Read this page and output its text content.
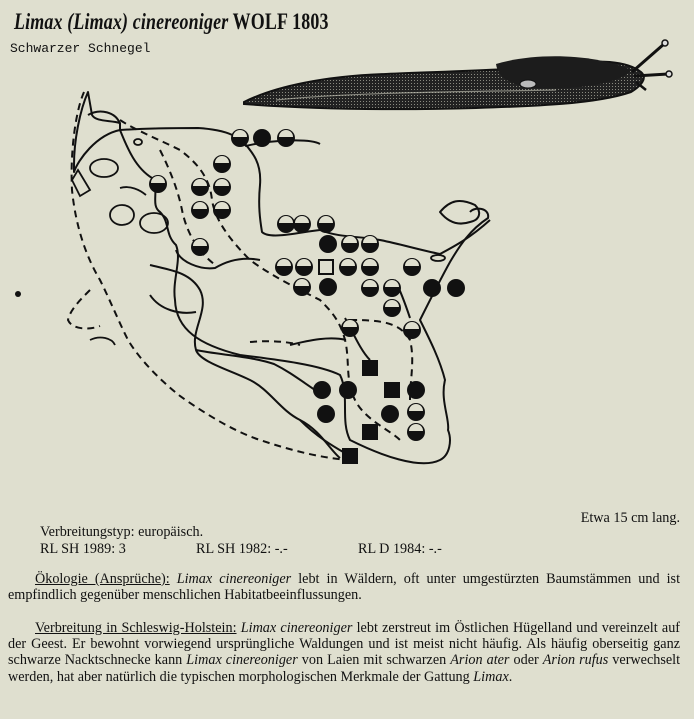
Limax (Limax) cinereoniger WOLF 1803
Schwarzer Schnegel
Etwa 15 cm lang.
Verbreitungstyp: europäisch.
RL SH 1989: 3	RL SH 1982: -.-	RL D 1984: -.-
Ökologie (Ansprüche): Limax cinereoniger lebt in Wäldern, oft unter umgestürzten Baumstämmen und ist empfindlich gegenüber menschlichen Habitatbeeinflussungen.
Verbreitung in Schleswig-Holstein: Limax cinereoniger lebt zerstreut im Östlichen Hügelland und vereinzelt auf der Geest. Er bewohnt vorwiegend ursprüngliche Waldungen und ist meist nicht häufig. Als häufig oberseitig ganz schwarze Nacktschnecke kann Limax cinereoniger von Laien mit schwarzen Arion ater oder Arion rufus verwechselt werden, hat aber natürlich die typischen morphologischen Merkmale der Gattung Limax.
